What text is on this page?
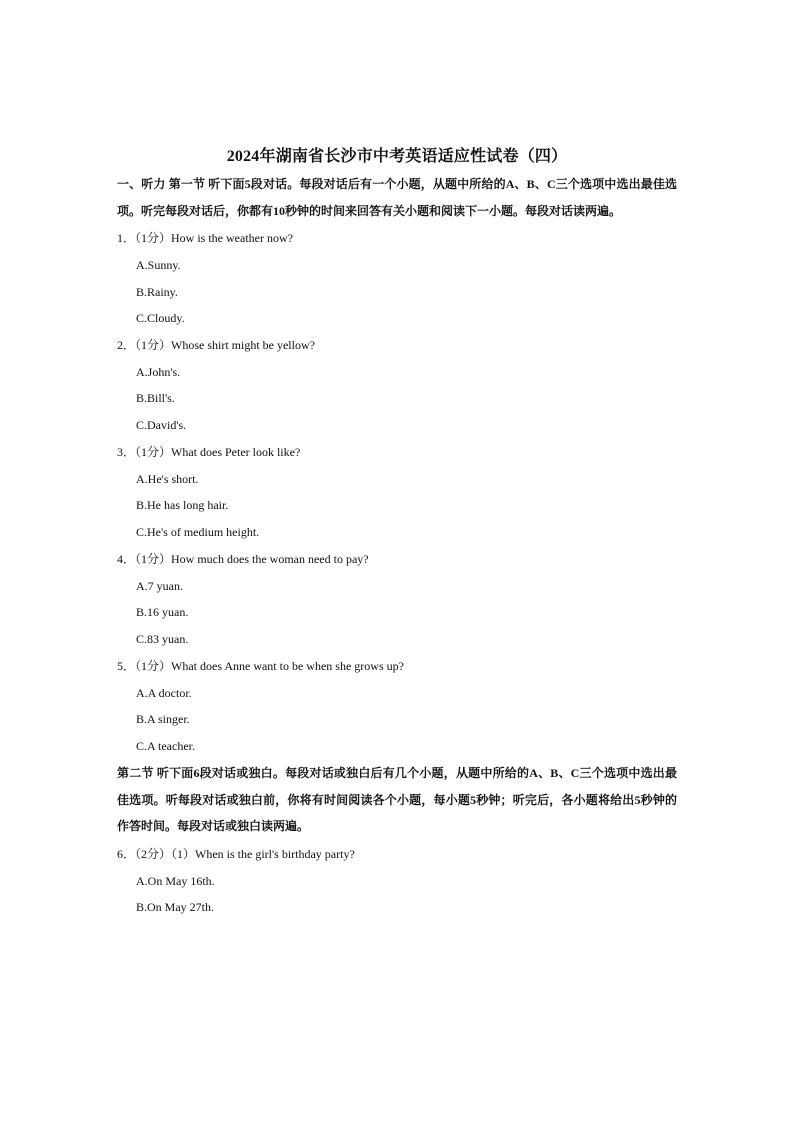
2024年湖南省长沙市中考英语适应性试卷（四）
一、听力 第一节 听下面5段对话。每段对话后有一个小题，从题中所给的A、B、C三个选项中选出最佳选项。听完每段对话后，你都有10秒钟的时间来回答有关小题和阅读下一小题。每段对话读两遍。
1．（1分）How is the weather now?
A.Sunny.
B.Rainy.
C.Cloudy.
2．（1分）Whose shirt might be yellow?
A.John's.
B.Bill's.
C.David's.
3．（1分）What does Peter look like?
A.He's short.
B.He has long hair.
C.He's of medium height.
4．（1分）How much does the woman need to pay?
A.7 yuan.
B.16 yuan.
C.83 yuan.
5．（1分）What does Anne want to be when she grows up?
A.A doctor.
B.A singer.
C.A teacher.
第二节 听下面6段对话或独白。每段对话或独白后有几个小题，从题中所给的A、B、C三个选项中选出最佳选项。听每段对话或独白前，你将有时间阅读各个小题，每小题5秒钟；听完后，各小题将给出5秒钟的作答时间。每段对话或独白读两遍。
6．（2分）（1）When is the girl's birthday party?
A.On May 16th.
B.On May 27th.
